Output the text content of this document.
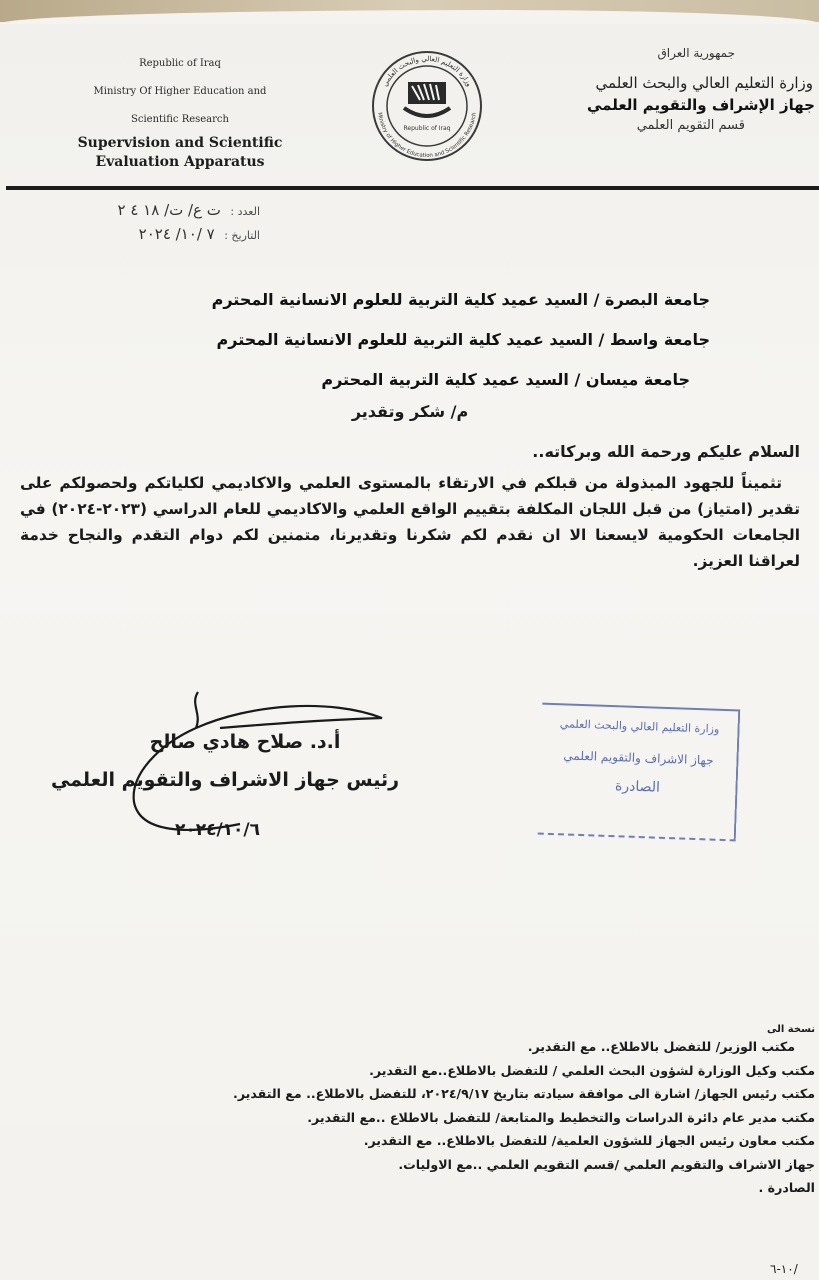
Republic of Iraq
Ministry Of Higher Education and
Scientific Research
Supervision and Scientific
Evaluation Apparatus
وزارة التعليم العالي والبحث العلمي
Ministry of Higher Education and Scientific Research
Republic of Iraq
جمهورية العراق
وزارة التعليم العالي والبحث العلمي
جهاز الإشراف والتقويم العلمي
قسم التقويم العلمي
العدد : ت ع/ ت/ ١٨ ٤ ٢
التاريخ : ٧ /١٠/ ٢٠٢٤
جامعة البصرة / السيد عميد كلية التربية للعلوم الانسانية المحترم
جامعة واسط / السيد عميد كلية التربية للعلوم الانسانية المحترم
جامعة ميسان / السيد عميد كلية التربية المحترم
م/ شكر وتقدير
السلام عليكم ورحمة الله وبركاته..
تثميناً للجهود المبذولة من قبلكم في الارتقاء بالمستوى العلمي والاكاديمي لكلياتكم ولحصولكم على تقدير (امتياز) من قبل اللجان المكلفة بتقييم الواقع العلمي والاكاديمي للعام الدراسي (٢٠٢٣-٢٠٢٤) في الجامعات الحكومية لايسعنا الا ان نقدم لكم شكرنا وتقديرنا، متمنين لكم دوام التقدم والنجاح خدمة لعراقنا العزيز.
أ.د. صلاح هادي صالح
رئيس جهاز الاشراف والتقويم العلمي
٢٠٢٤/١٠/٦
وزارة التعليم العالي والبحث العلمي
جهاز الاشراف والتقويم العلمي
الصادرة
نسخة الى
مكتب الوزير/ للتفضل بالاطلاع.. مع التقدير.
مكتب وكيل الوزارة لشؤون البحث العلمي / للتفضل بالاطلاع..مع التقدير.
مكتب رئيس الجهاز/ اشارة الى موافقة سيادته بتاريخ ٢٠٢٤/٩/١٧، للتفضل بالاطلاع.. مع التقدير.
مكتب مدير عام دائرة الدراسات والتخطيط والمتابعة/ للتفضل بالاطلاع ..مع التقدير.
مكتب معاون رئيس الجهاز للشؤون العلمية/ للتفضل بالاطلاع.. مع التقدير.
جهاز الاشراف والتقويم العلمي /قسم التقويم العلمي ..مع الاوليات.
الصادرة .
١٠-٦/
